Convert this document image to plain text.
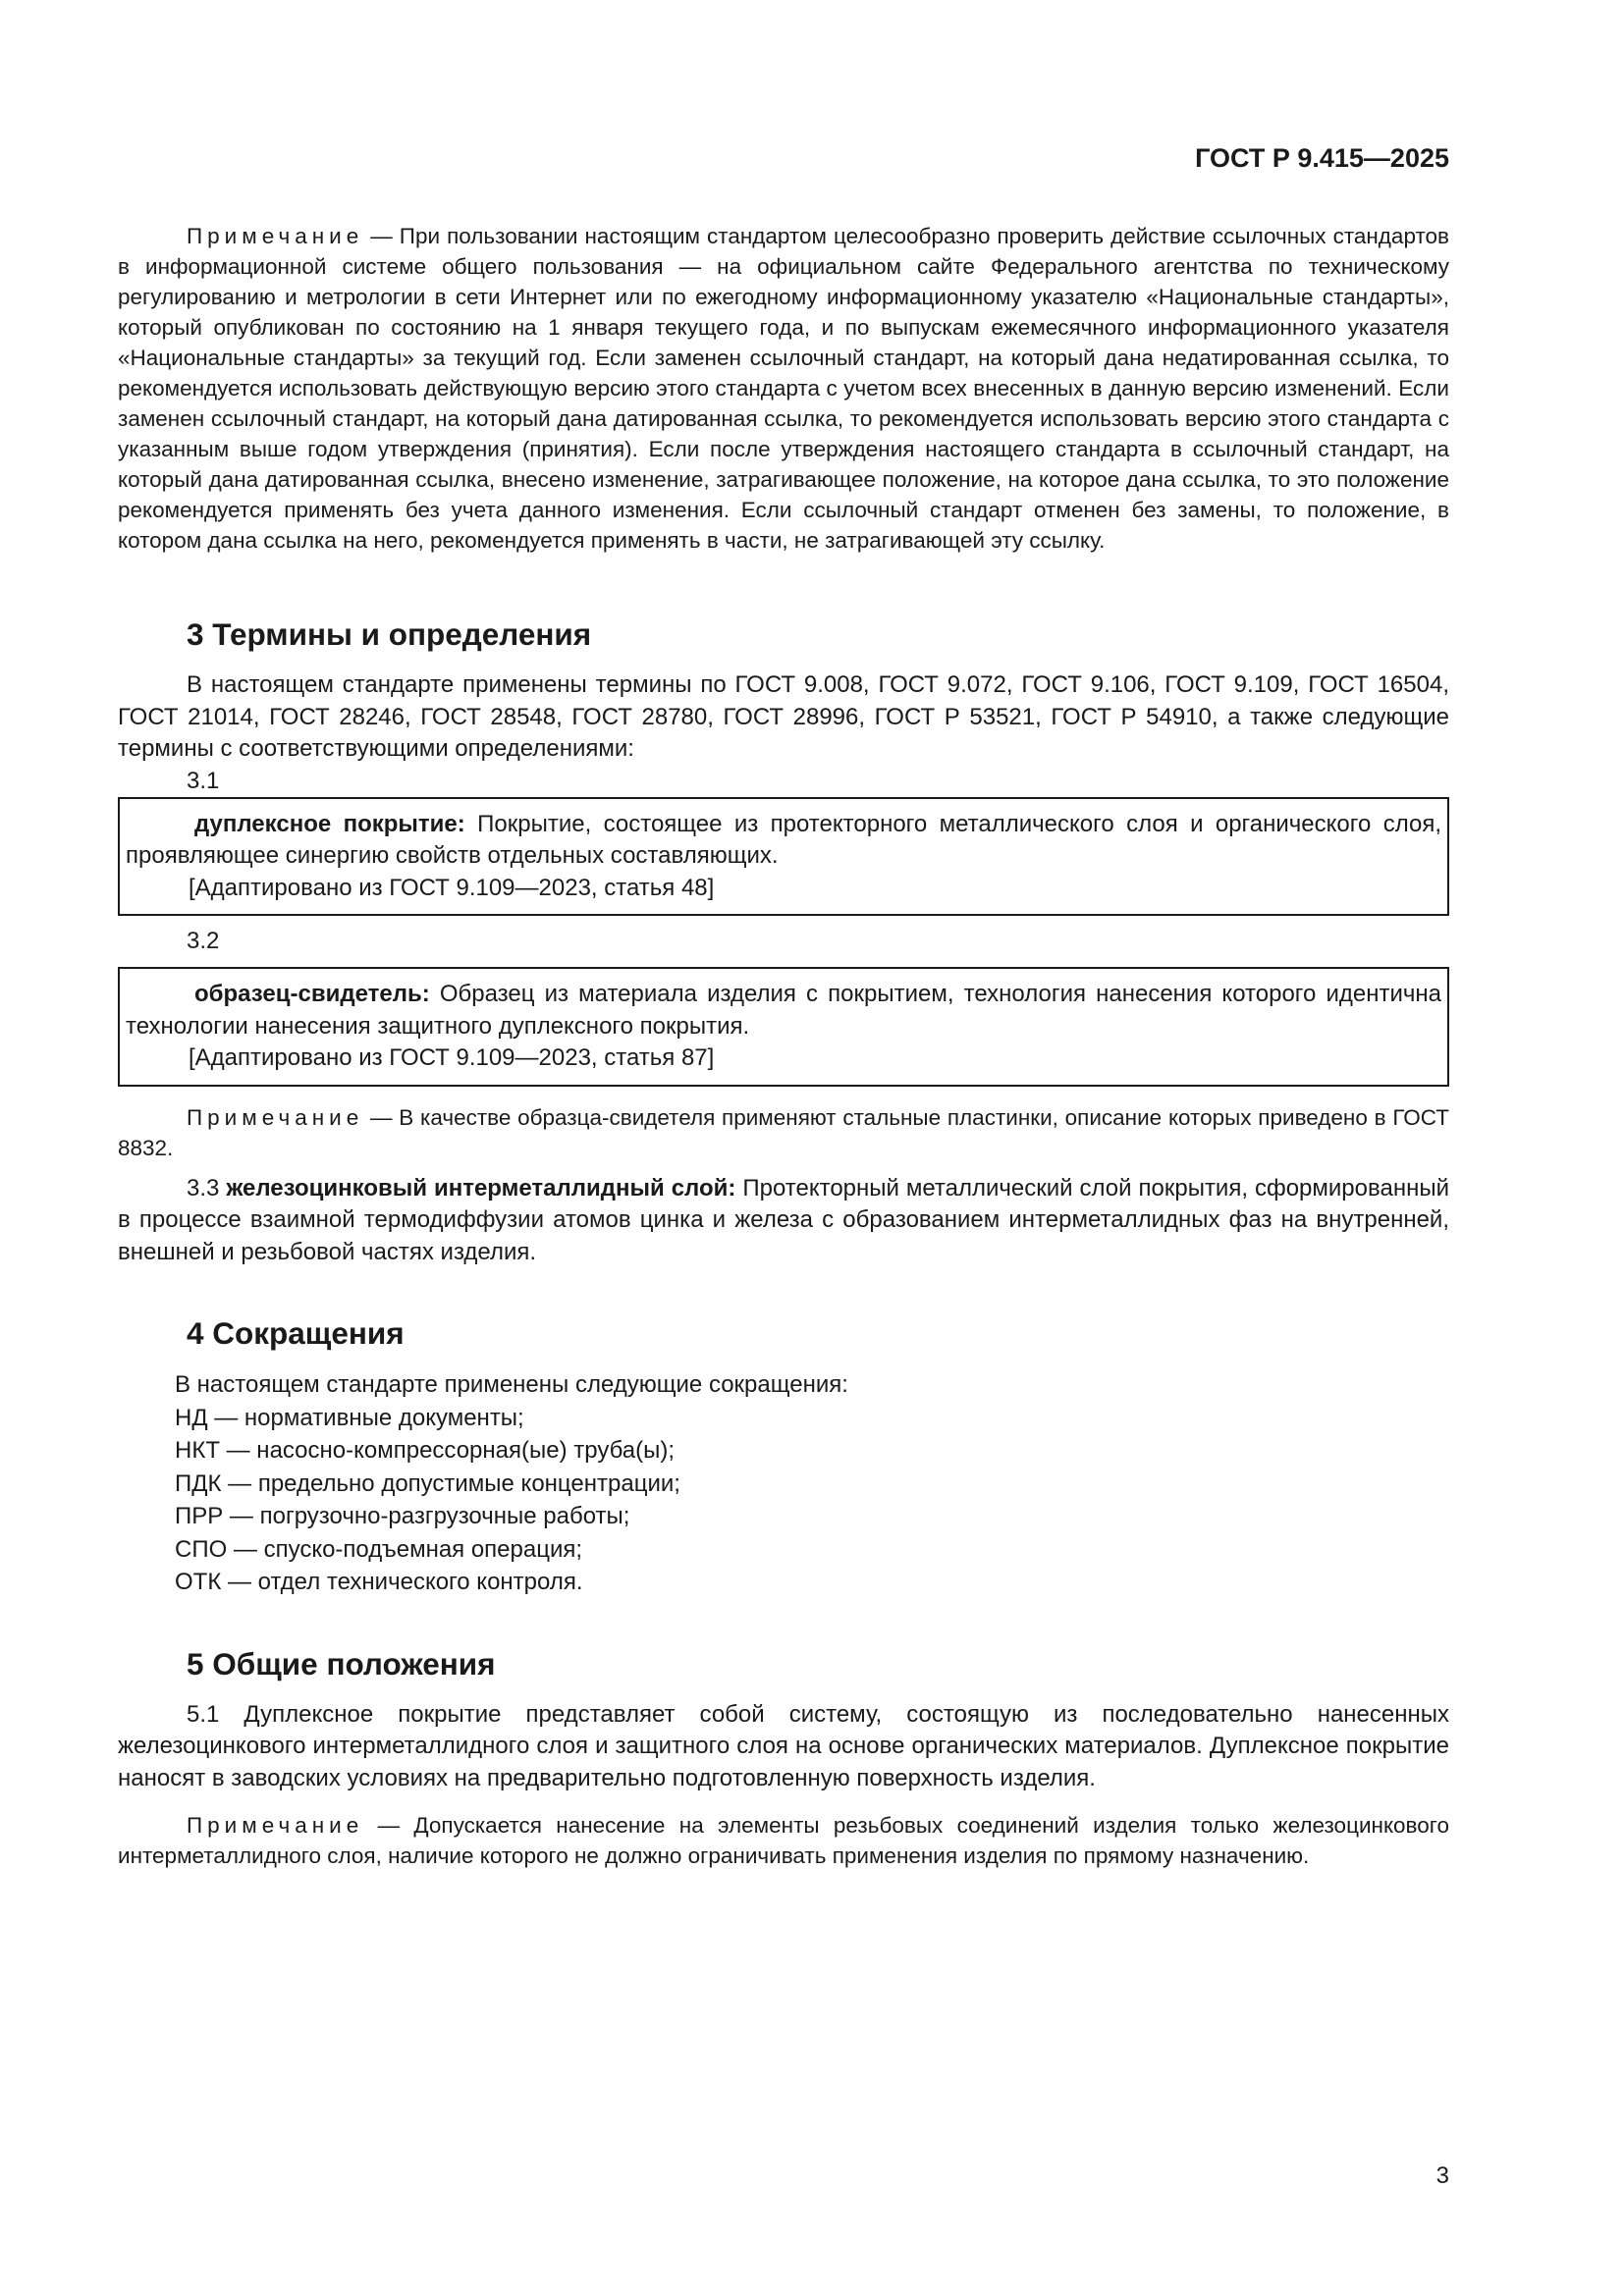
ГОСТ Р 9.415—2025

Примечание — При пользовании настоящим стандартом целесообразно проверить действие ссылочных стандартов в информационной системе общего пользования — на официальном сайте Федерального агентства по техническому регулированию и метрологии в сети Интернет или по ежегодному информационному указателю «Национальные стандарты», который опубликован по состоянию на 1 января текущего года, и по выпускам ежемесячного информационного указателя «Национальные стандарты» за текущий год. Если заменен ссылочный стандарт, на который дана недатированная ссылка, то рекомендуется использовать действующую версию этого стандарта с учетом всех внесенных в данную версию изменений. Если заменен ссылочный стандарт, на который дана датированная ссылка, то рекомендуется использовать версию этого стандарта с указанным выше годом утверждения (принятия). Если после утверждения настоящего стандарта в ссылочный стандарт, на который дана датированная ссылка, внесено изменение, затрагивающее положение, на которое дана ссылка, то это положение рекомендуется применять без учета данного изменения. Если ссылочный стандарт отменен без замены, то положение, в котором дана ссылка на него, рекомендуется применять в части, не затрагивающей эту ссылку.

3 Термины и определения

В настоящем стандарте применены термины по ГОСТ 9.008, ГОСТ 9.072, ГОСТ 9.106, ГОСТ 9.109, ГОСТ 16504, ГОСТ 21014, ГОСТ 28246, ГОСТ 28548, ГОСТ 28780, ГОСТ 28996, ГОСТ Р 53521, ГОСТ Р 54910, а также следующие термины с соответствующими определениями:

3.1

дуплексное покрытие: Покрытие, состоящее из протекторного металлического слоя и органического слоя, проявляющее синергию свойств отдельных составляющих.

[Адаптировано из ГОСТ 9.109—2023, статья 48]

3.2

образец-свидетель: Образец из материала изделия с покрытием, технология нанесения которого идентична технологии нанесения защитного дуплексного покрытия.

[Адаптировано из ГОСТ 9.109—2023, статья 87]

Примечание — В качестве образца-свидетеля применяют стальные пластинки, описание которых приведено в ГОСТ 8832.

3.3 железоцинковый интерметаллидный слой: Протекторный металлический слой покрытия, сформированный в процессе взаимной термодиффузии атомов цинка и железа с образованием интерметаллидных фаз на внутренней, внешней и резьбовой частях изделия.

4 Сокращения
В настоящем стандарте применены следующие сокращения:
НД — нормативные документы;
НКТ — насосно-компрессорная(ые) труба(ы);
ПДК — предельно допустимые концентрации;
ПРР — погрузочно-разгрузочные работы;
СПО — спуско-подъемная операция;
ОТК — отдел технического контроля.
5 Общие положения

5.1 Дуплексное покрытие представляет собой систему, состоящую из последовательно нанесенных железоцинкового интерметаллидного слоя и защитного слоя на основе органических материалов. Дуплексное покрытие наносят в заводских условиях на предварительно подготовленную поверхность изделия.

Примечание — Допускается нанесение на элементы резьбовых соединений изделия только железоцинкового интерметаллидного слоя, наличие которого не должно ограничивать применения изделия по прямому назначению.

3
